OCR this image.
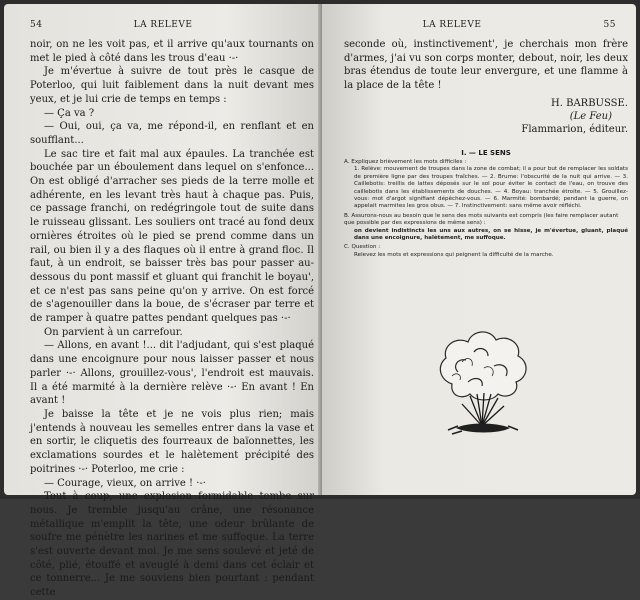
54	LA RELEVE

noir, on ne les voit pas, et il arrive qu'aux tournants on met le pied à côté dans les trous d'eau ·-·

Je m'évertue à suivre de tout près le casque de Poterloo, qui luit faiblement dans la nuit devant mes yeux, et je lui crie de temps en temps :

— Ça va ?

— Oui, oui, ça va, me répond-il, en renflant et en soufflant...

Le sac tire et fait mal aux épaules. La tranchée est bouchée par un éboulement dans lequel on s'enfonce... On est obligé d'arracher ses pieds de la terre molle et adhérente, en les levant très haut à chaque pas. Puis, ce passage franchi, on redégringole tout de suite dans le ruisseau glissant. Les souliers ont tracé au fond deux ornières étroites où le pied se prend comme dans un rail, ou bien il y a des flaques où il entre à grand floc. Il faut, à un endroit, se baisser très bas pour passer au-dessous du pont massif et gluant qui franchit le boyau', et ce n'est pas sans peine qu'on y arrive. On est forcé de s'agenouiller dans la boue, de s'écraser par terre et de ramper à quatre pattes pendant quelques pas ·-·

On parvient à un carrefour.

— Allons, en avant !... dit l'adjudant, qui s'est plaqué dans une encoignure pour nous laisser passer et nous parler ·-· Allons, grouillez-vous', l'endroit est mauvais. Il a été marmité à la dernière relève ·-· En avant ! En avant !

Je baisse la tête et je ne vois plus rien; mais j'entends à nouveau les semelles entrer dans la vase et en sortir, le cliquetis des fourreaux de baïonnettes, les exclamations sourdes et le halètement précipité des poitrines ·-· Poterloo, me crie :

— Courage, vieux, on arrive ! ·-·

Tout à coup, une explosion formidable tombe sur nous. Je tremble jusqu'au crâne, une résonance métallique m'emplit la tête, une odeur brûlante de soufre me pénètre les narines et me suffoque. La terre s'est ouverte devant moi. Je me sens soulevé et jeté de côté, plié, étouffé et aveuglé à demi dans cet éclair et ce tonnerre... Je me souviens bien pourtant : pendant cette

LA RELEVE	55

seconde où, instinctivement', je cherchais mon frère d'armes, j'ai vu son corps monter, debout, noir, les deux bras étendus de toute leur envergure, et une flamme à la place de la tête !

H. BARBUSSE.
(Le Feu)
Flammarion, éditeur.
I. — LE SENS
A. Expliquez brièvement les mots difficiles :
1. Relève: mouvement de troupes dans la zone de combat; il a pour but de remplacer les soldats de première ligne par des troupes fraîches. — 2. Brume: l'obscurité de la nuit qui arrive. — 3. Caillebotis: treillis de lattes déposés sur le sol pour éviter le contact de l'eau, on trouve des caillebotis dans les établissements de douches. — 4. Boyau: tranchée étroite. — 5. Grouillez-vous: mot d'argot signifiant dépêchez-vous. — 6. Marmité: bombardé; pendant la guerre, on appelait marmites les gros obus. — 7. Instinctivement: sans même avoir réfléchi.
B. Assurons-nous au besoin que le sens des mots suivants est compris (les faire remplacer autant que possible par des expressions de même sens) :
on devient indistincts les uns aux autres, on se hisse, je m'évertue, gluant, plaqué dans une encoignure, halètement, me suffoque.
C. Question :
Relevez les mots et expressions qui peignent la difficulté de la marche.
